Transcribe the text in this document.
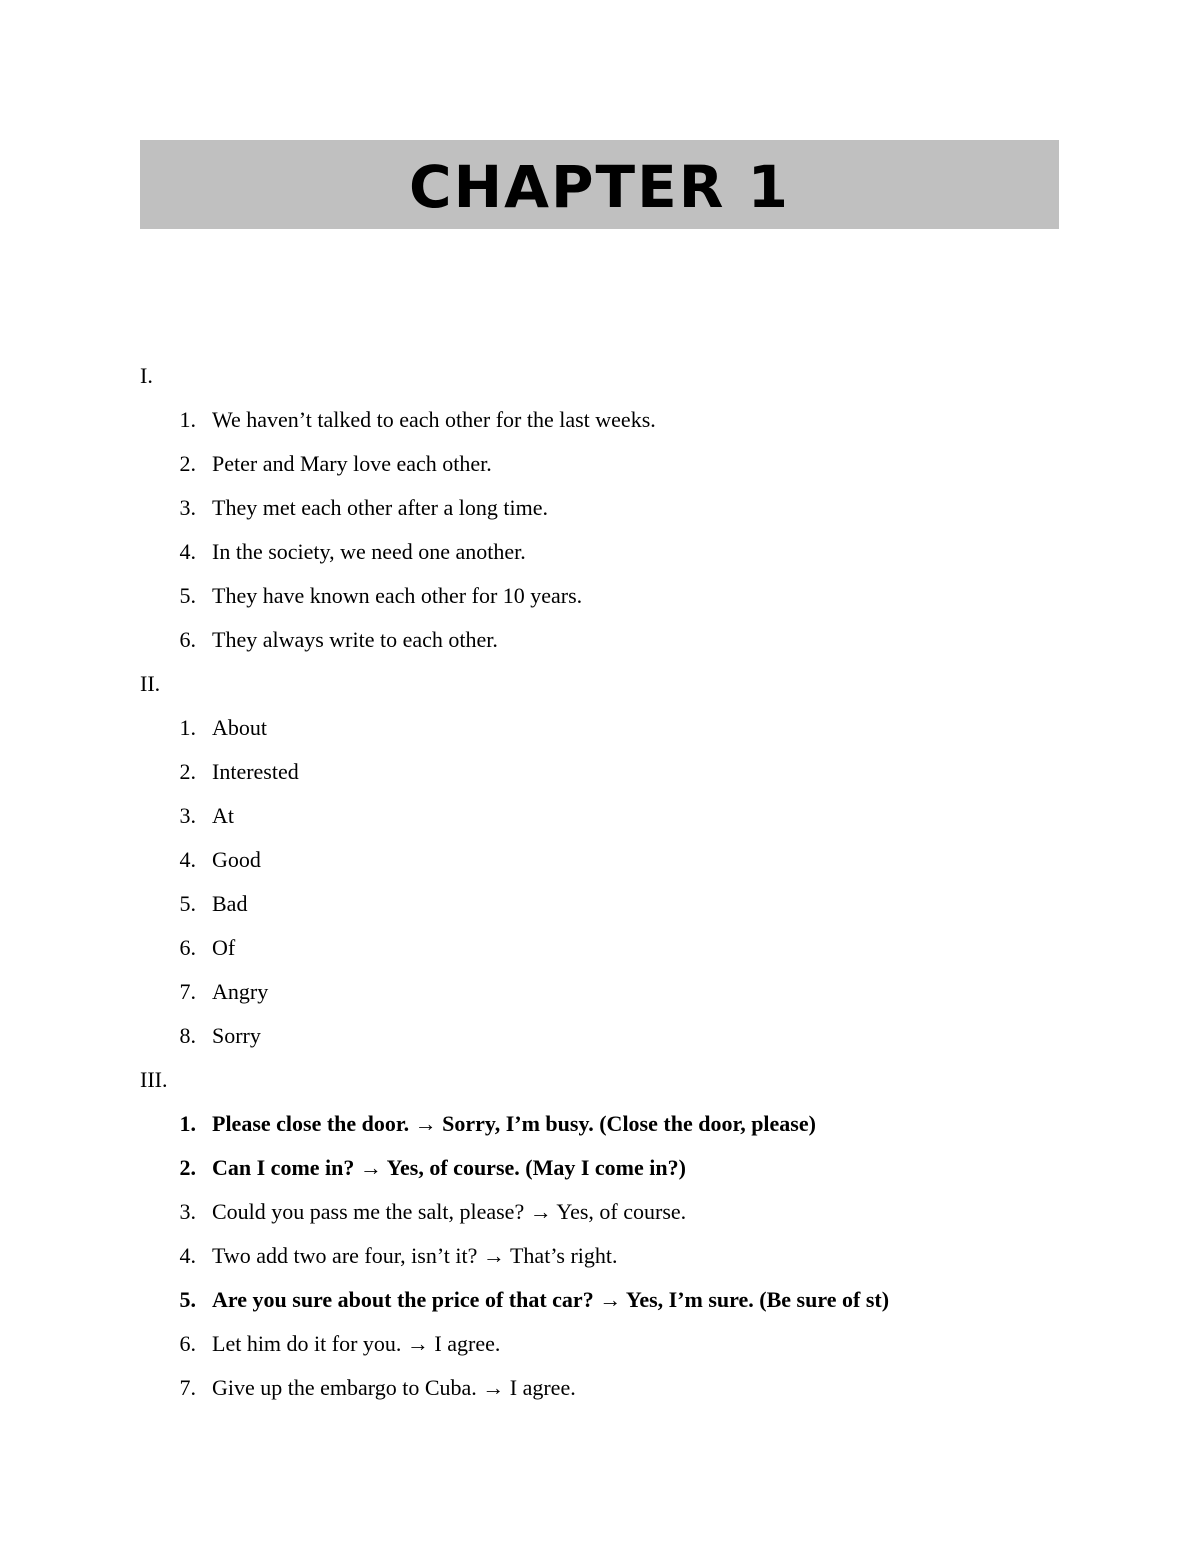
CHAPTER 1
I.
1. We haven’t talked to each other for the last weeks.
2. Peter and Mary love each other.
3. They met each other after a long time.
4. In the society, we need one another.
5. They have known each other for 10 years.
6. They always write to each other.
II.
1. About
2. Interested
3. At
4. Good
5. Bad
6. Of
7. Angry
8. Sorry
III.
1. Please close the door. → Sorry, I’m busy. (Close the door, please)
2. Can I come in? → Yes, of course. (May I come in?)
3. Could you pass me the salt, please? → Yes, of course.
4. Two add two are four, isn’t it? → That’s right.
5. Are you sure about the price of that car? → Yes, I’m sure. (Be sure of st)
6. Let him do it for you. → I agree.
7. Give up the embargo to Cuba. → I agree.
